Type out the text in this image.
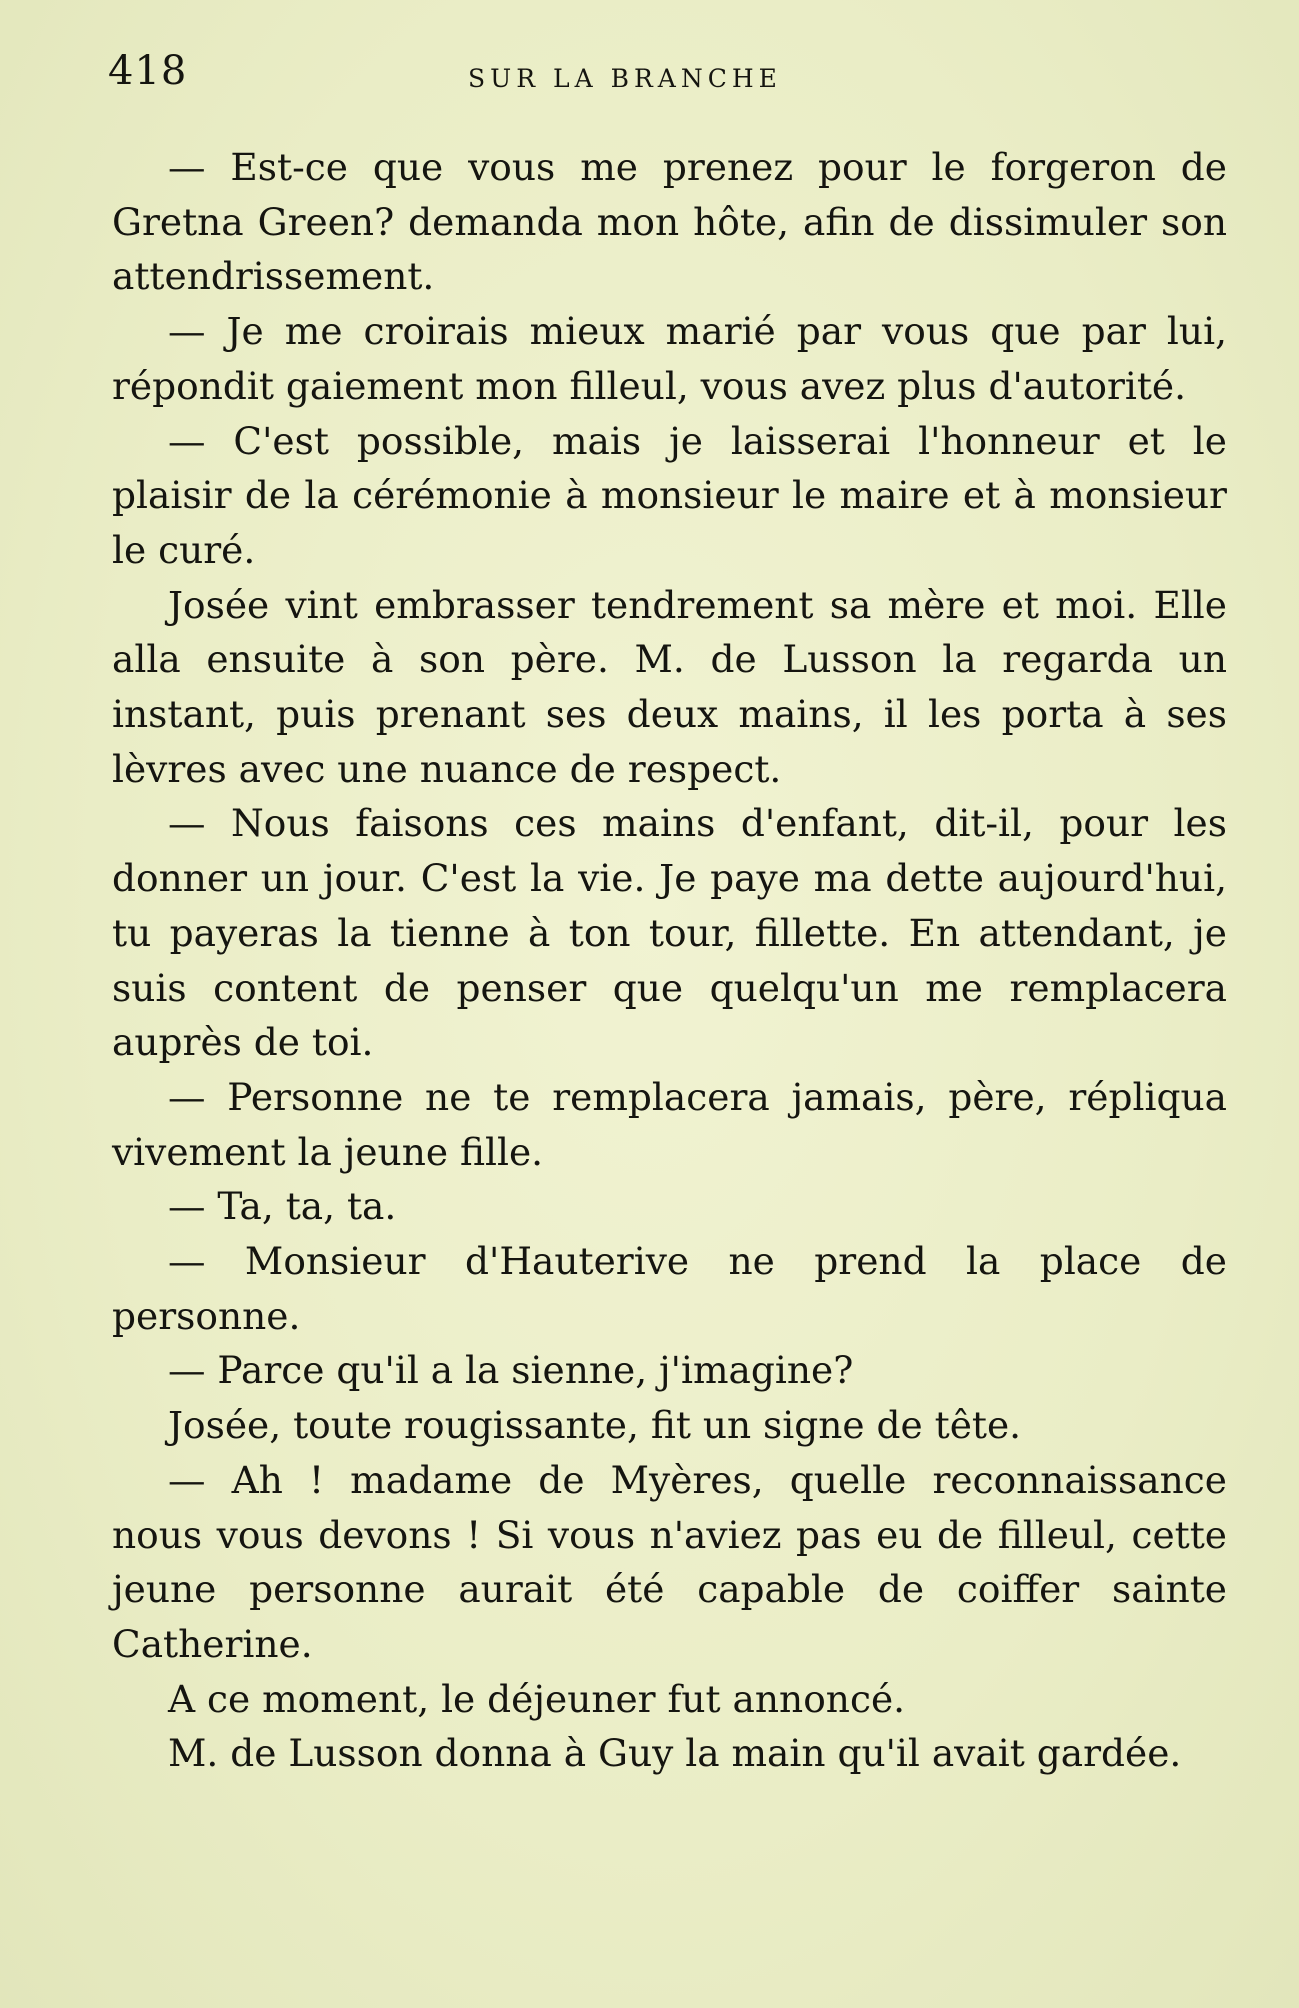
418	SUR LA BRANCHE

— Est-ce que vous me prenez pour le forgeron de Gretna Green? demanda mon hôte, afin de dissimuler son attendrissement.

— Je me croirais mieux marié par vous que par lui, répondit gaiement mon filleul, vous avez plus d'autorité.

— C'est possible, mais je laisserai l'honneur et le plaisir de la cérémonie à monsieur le maire et à monsieur le curé.

Josée vint embrasser tendrement sa mère et moi. Elle alla ensuite à son père. M. de Lusson la regarda un instant, puis prenant ses deux mains, il les porta à ses lèvres avec une nuance de respect.

— Nous faisons ces mains d'enfant, dit-il, pour les donner un jour. C'est la vie. Je paye ma dette aujourd'hui, tu payeras la tienne à ton tour, fillette. En attendant, je suis content de penser que quelqu'un me remplacera auprès de toi.

— Personne ne te remplacera jamais, père, répliqua vivement la jeune fille.

— Ta, ta, ta.

— Monsieur d'Hauterive ne prend la place de personne.

— Parce qu'il a la sienne, j'imagine?

Josée, toute rougissante, fit un signe de tête.

— Ah ! madame de Myères, quelle reconnaissance nous vous devons ! Si vous n'aviez pas eu de filleul, cette jeune personne aurait été capable de coiffer sainte Catherine.

A ce moment, le déjeuner fut annoncé.

M. de Lusson donna à Guy la main qu'il avait gardée.
